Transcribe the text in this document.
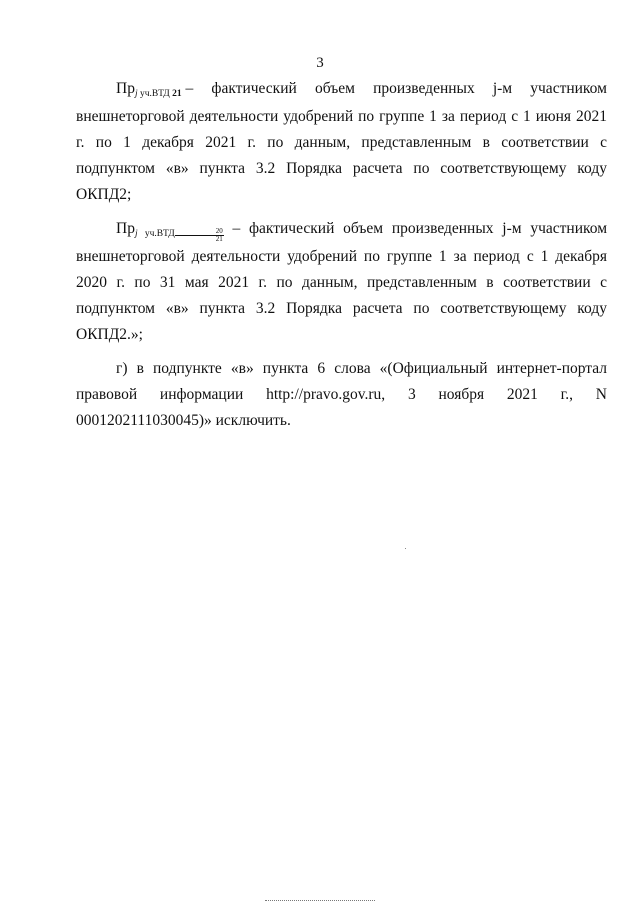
3
Прj уч.ВТД 21 – фактический объем произведенных j-м участником
внешнеторговой деятельности удобрений по группе 1 за период с 1 июня 2021 г. по 1 декабря 2021 г. по данным, представленным в соответствии с подпунктом «в» пункта 3.2 Порядка расчета по соответствующему коду ОКПД2;

Прj $уч.ВТД \frac{20}{21}$ – фактический объем произведенных j-м участником внешнеторговой деятельности удобрений по группе 1 за период с 1 декабря 2020 г. по 31 мая 2021 г. по данным, представленным в соответствии с подпунктом «в» пункта 3.2 Порядка расчета по соответствующему коду ОКПД2.»;

г) в подпункте «в» пункта 6 слова «(Официальный интернет-портал правовой информации http://pravo.gov.ru, 3 ноября 2021 г., N 0001202111030045)» исключить.
